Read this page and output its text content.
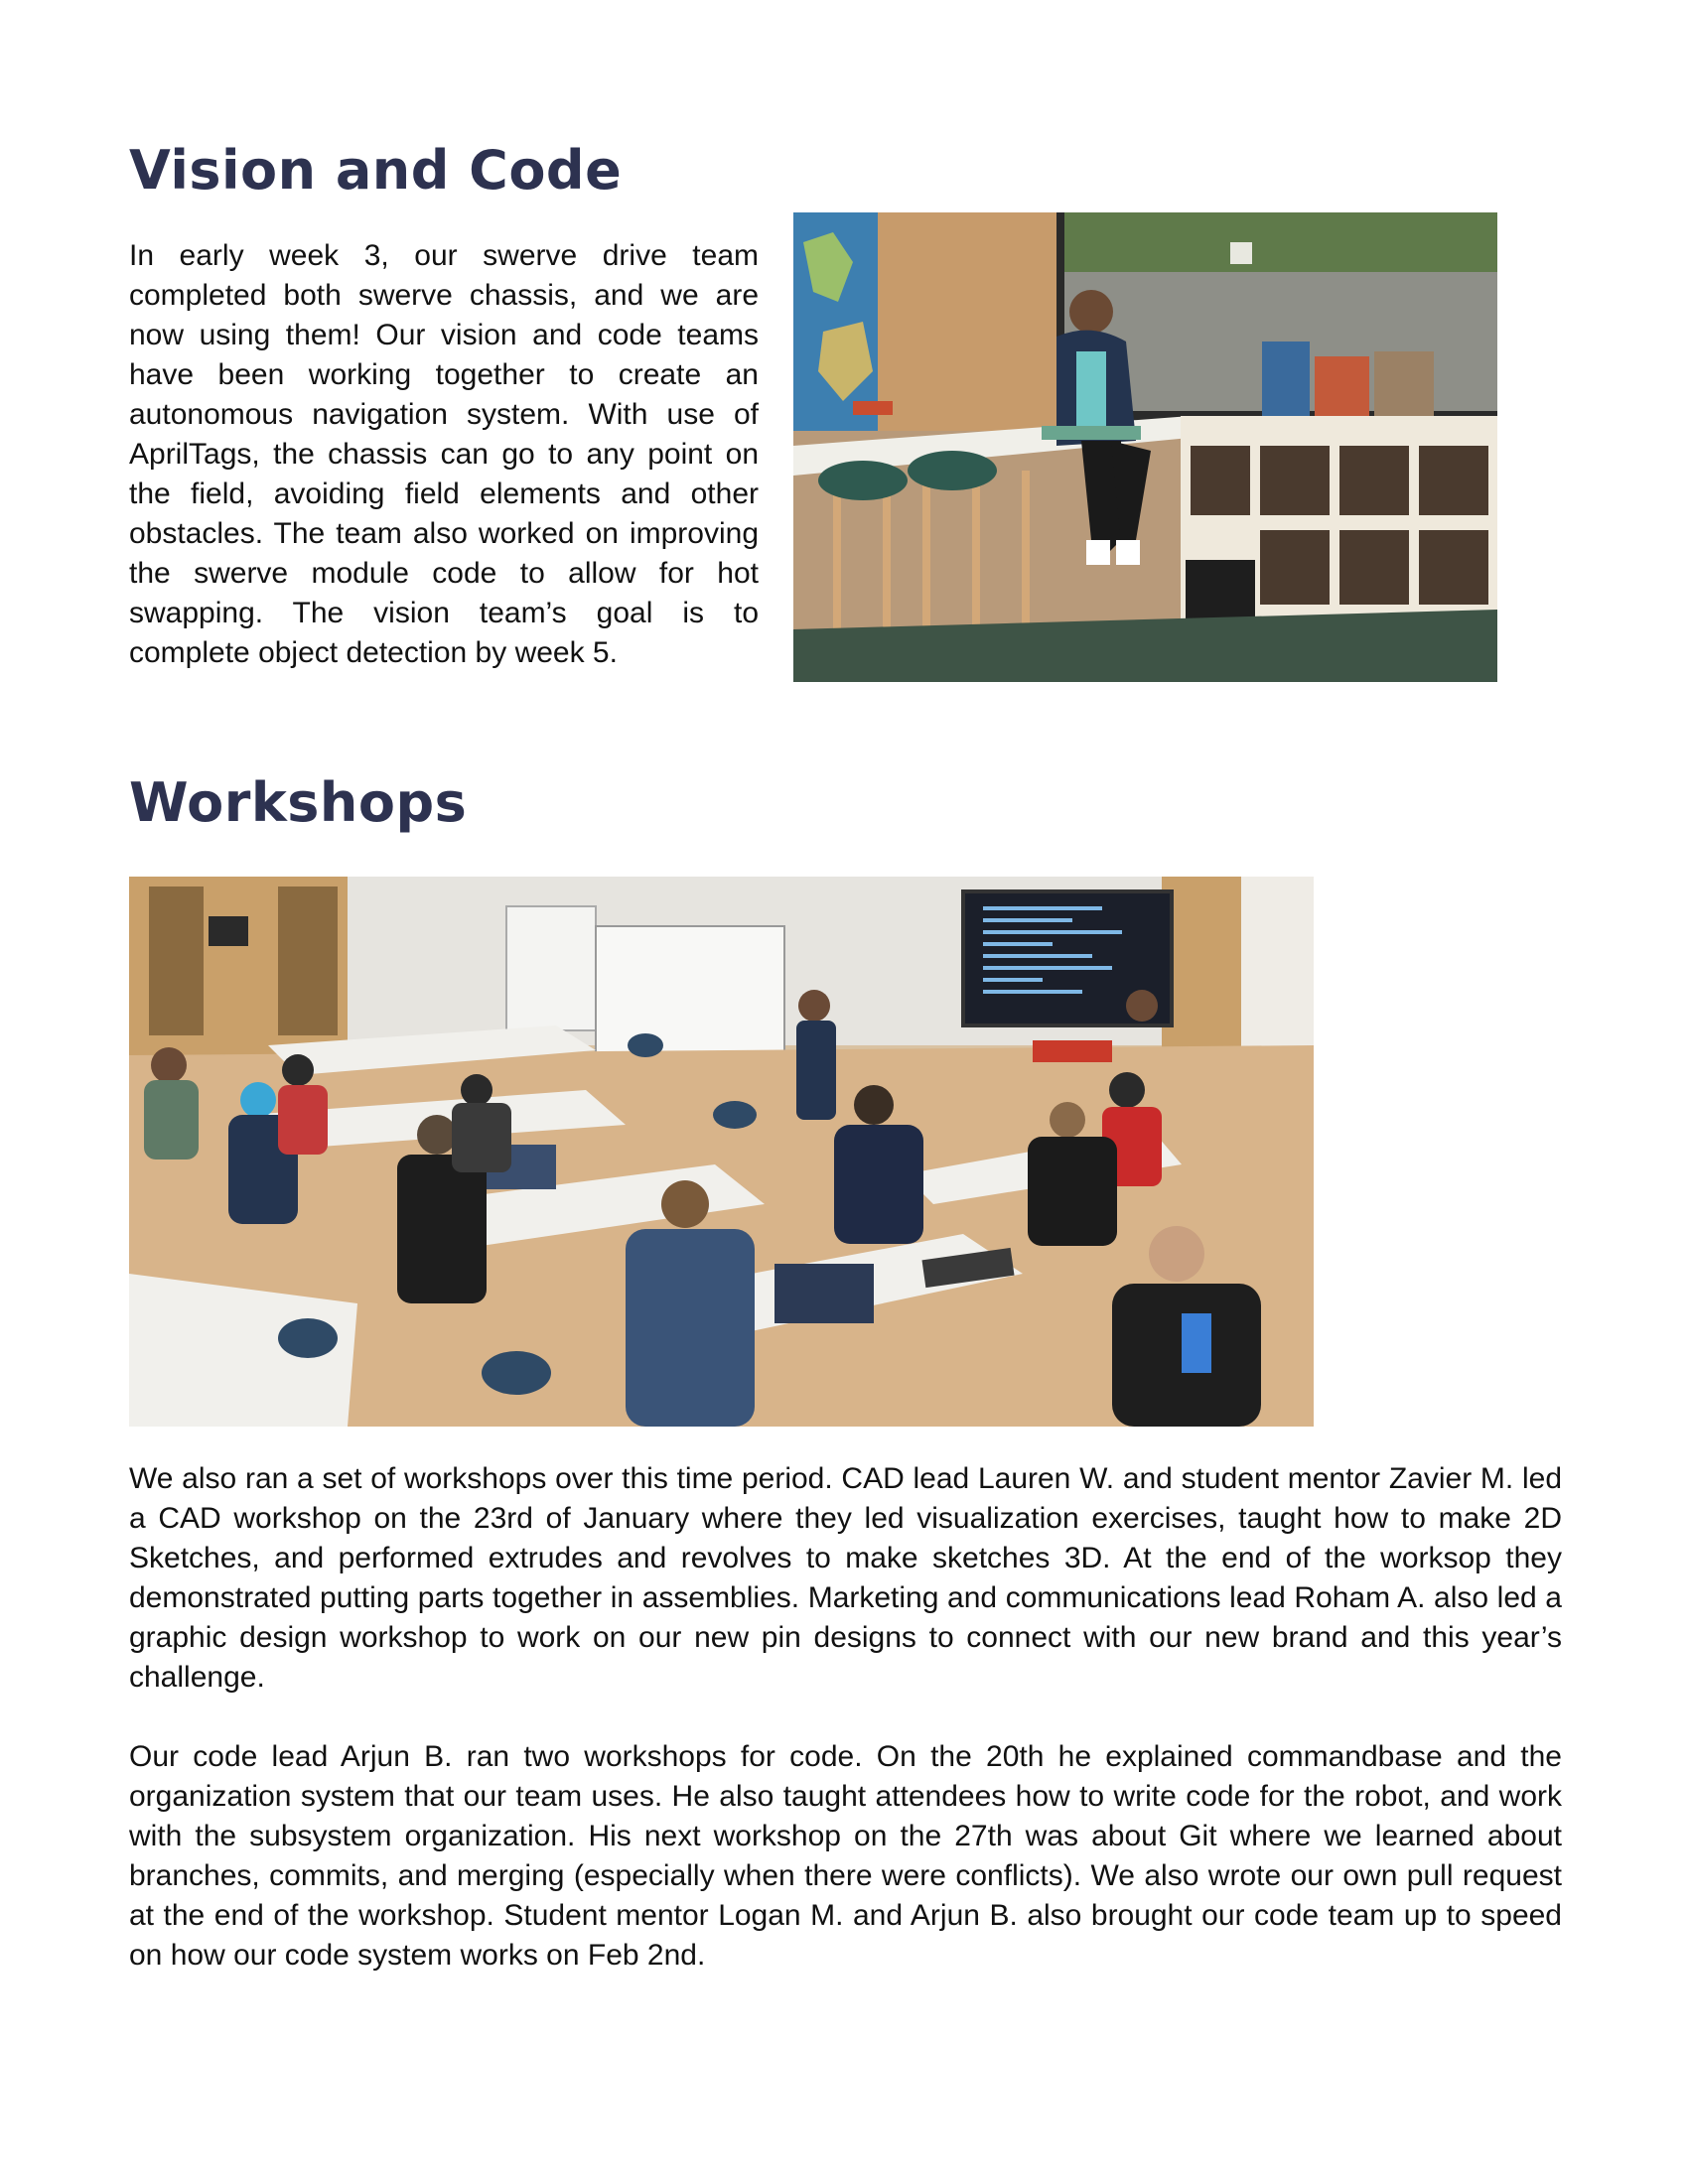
Vision and Code

In early week 3, our swerve drive team completed both swerve chassis, and we are now using them! Our vision and code teams have been working together to create an autonomous navigation system. With use of AprilTags, the chassis can go to any point on the field, avoiding field elements and other obstacles. The team also worked on improving the swerve module code to allow for hot swapping. The vision team’s goal is to complete object detection by week 5.

Workshops

We also ran a set of workshops over this time period. CAD lead Lauren W. and student mentor Zavier M. led a CAD workshop on the 23rd of January where they led visualization exercises, taught how to make 2D Sketches, and performed extrudes and revolves to make sketches 3D. At the end of the worksop they demonstrated putting parts together in assemblies. Marketing and communications lead Roham A. also led a graphic design workshop to work on our new pin designs to connect with our new brand and this year’s challenge.

Our code lead Arjun B. ran two workshops for code. On the 20th he explained commandbase and the organization system that our team uses. He also taught attendees how to write code for the robot, and work with the subsystem organization. His next workshop on the 27th was about Git where we learned about branches, commits, and merging (especially when there were conflicts). We also wrote our own pull request at the end of the workshop. Student mentor Logan M. and Arjun B. also brought our code team up to speed on how our code system works on Feb 2nd.
